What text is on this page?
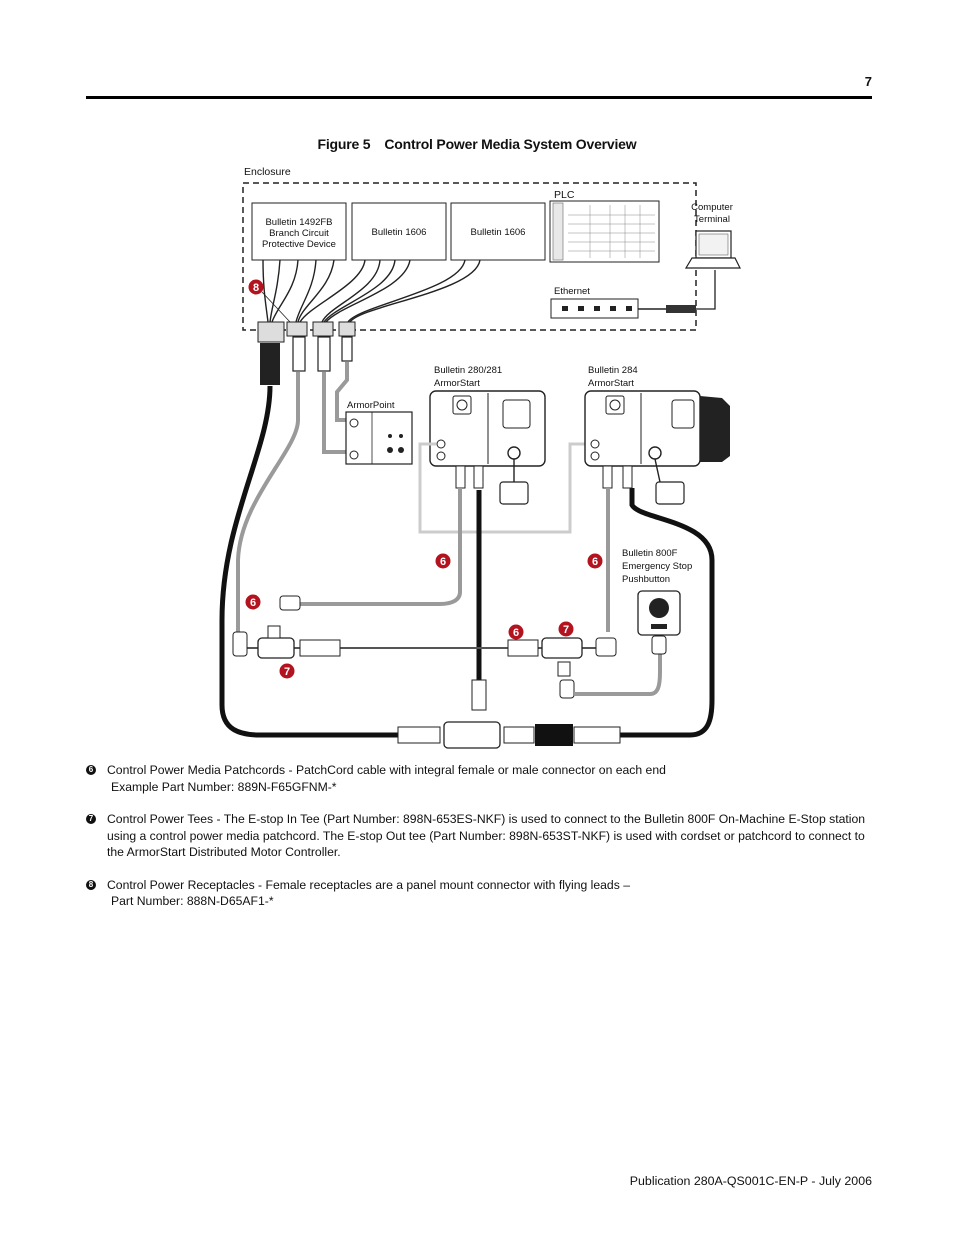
7
Figure 5 Control Power Media System Overview
Enclosure
Bulletin 1492FB
Branch Circuit
Protective Device
Bulletin 1606	Bulletin 1606
PLC
Ethernet
Computer
Terminal
ArmorPoint
Bulletin 280/281
ArmorStart
Bulletin 284
ArmorStart
Bulletin 800F
Emergency Stop
Pushbutton
8
6
6	6
6	7
7
6 Control Power Media Patchcords - PatchCord cable with integral female or male connector on each end
Example Part Number: 889N-F65GFNM-*
7 Control Power Tees - The E-stop In Tee (Part Number: 898N-653ES-NKF) is used to connect to the Bulletin 800F On-Machine E-Stop station using a control power media patchcord. The E-stop Out tee (Part Number: 898N-653ST-NKF) is used with cordset or patchcord to connect to the ArmorStart Distributed Motor Controller.
8 Control Power Receptacles - Female receptacles are a panel mount connector with flying leads –
Part Number: 888N-D65AF1-*
Publication 280A-QS001C-EN-P - July 2006
